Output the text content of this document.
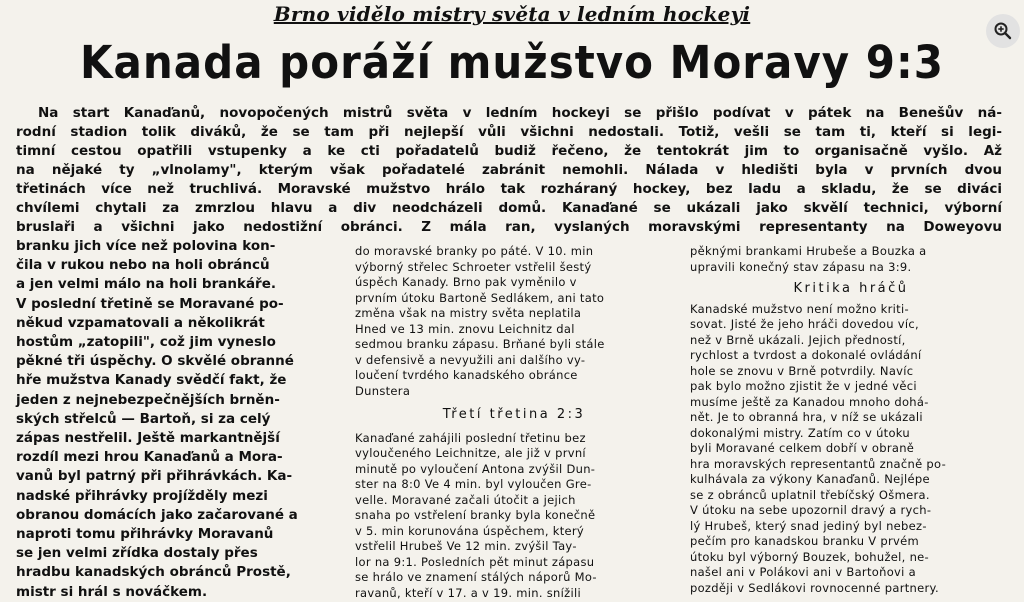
Brno vidělo mistry světa v ledním hockeyi
Kanada poráží mužstvo Moravy 9:3
Na start Kanaďanů, novopočených mistrů světa v ledním hockeyi se přišlo podívat v pátek na Benešův ná-
rodní stadion tolik diváků, že se tam při nejlepší vůli všichni nedostali. Totiž, vešli se tam ti, kteří si legi-
timní cestou opatřili vstupenky a ke cti pořadatelů budiž řečeno, že tentokrát jim to organisačně vyšlo. Až
na nějaké ty „vlnolamy", kterým však pořadatelé zabránit nemohli. Nálada v hledišti byla v prvních dvou
třetinách více než truchlivá. Moravské mužstvo hrálo tak rozháraný hockey, bez ladu a skladu, že se diváci
chvílemi chytali za zmrzlou hlavu a div neodcházeli domů. Kanaďané se ukázali jako skvělí technici, výborní
bruslaři a všichni jako nedostižní obránci. Z mála ran, vyslaných moravskými representanty na Doweyovu
branku jich více než polovina kon-
čila v rukou nebo na holi obránců
a jen velmi málo na holi brankáře.
V poslední třetině se Moravané po-
někud vzpamatovali a několikrát
hostům „zatopili", což jim vyneslo
pěkné tři úspěchy. O skvělé obranné
hře mužstva Kanady svědčí fakt, že
jeden z nejnebezpečnějších brněn-
ských střelců — Bartoň, si za celý
zápas nestřelil. Ještě markantnější
rozdíl mezi hrou Kanaďanů a Mora-
vanů byl patrný při přihrávkách. Ka-
nadské přihrávky projížděly mezi
obranou domácích jako začarované a
naproti tomu přihrávky Moravanů
se jen velmi zřídka dostaly přes
hradbu kanadských obránců Prostě,
mistr si hrál s nováčkem.
do moravské branky po páté. V 10. min
výborný střelec Schroeter vstřelil šestý
úspěch Kanady. Brno pak vyměnilo v
prvním útoku Bartoně Sedlákem, ani tato
změna však na mistry světa neplatila
Hned ve 13 min. znovu Leichnitz dal
sedmou branku zápasu. Brňané byli stále
v defensivě a nevyužili ani dalšího vy-
loučení tvrdého kanadského obránce
Dunstera
Třetí třetina 2:3
Kanaďané zahájili poslední třetinu bez
vyloučeného Leichnitze, ale již v první
minutě po vyloučení Antona zvýšil Dun-
ster na 8:0 Ve 4 min. byl vyloučen Gre-
velle. Moravané začali útočit a jejich
snaha po vstřelení branky byla konečně
v 5. min korunována úspěchem, který
vstřelil Hrubeš Ve 12 min. zvýšil Tay-
lor na 9:1. Posledních pět minut zápasu
se hrálo ve znamení stálých náporů Mo-
ravanů, kteří v 17. a v 19. min. snížili
pěknými brankami Hrubeše a Bouzka a
upravili konečný stav zápasu na 3:9.
Kritika hráčů
Kanadské mužstvo není možno kriti-
sovat. Jisté že jeho hráči dovedou víc,
než v Brně ukázali. Jejich předností,
rychlost a tvrdost a dokonalé ovládání
hole se znovu v Brně potvrdily. Navíc
pak bylo možno zjistit že v jedné věci
musíme ještě za Kanadou mnoho dohá-
nět. Je to obranná hra, v níž se ukázali
dokonalými mistry. Zatím co v útoku
byli Moravané celkem dobří v obraně
hra moravských representantů značně po-
kulhávala za výkony Kanaďanů. Nejlépe
se z obránců uplatnil třebíčský Ošmera.
V útoku na sebe upozornil dravý a rych-
lý Hrubeš, který snad jediný byl nebez-
pečím pro kanadskou branku V prvém
útoku byl výborný Bouzek, bohužel, ne-
našel ani v Polákovi ani v Bartoňovi a
později v Sedlákovi rovnocenné partnery.
